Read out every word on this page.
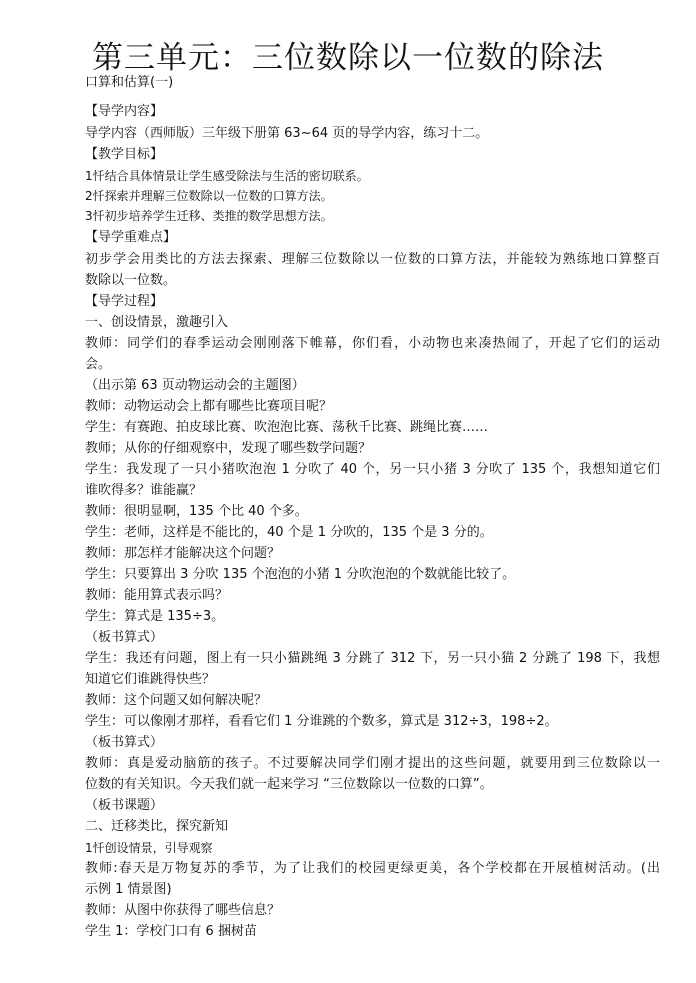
第三单元：三位数除以一位数的除法
口算和估算(一)
【导学内容】
导学内容（西师版）三年级下册第 63~64 页的导学内容，练习十二。
【教学目标】
1忏结合具体情景让学生感受除法与生活的密切联系。
2忏探索并理解三位数除以一位数的口算方法。
3忏初步培养学生迁移、类推的数学思想方法。
【导学重难点】
初步学会用类比的方法去探索、理解三位数除以一位数的口算方法，并能较为熟练地口算整百
数除以一位数。
【导学过程】
一、创设情景，激趣引入
教师：同学们的春季运动会刚刚落下帷幕，你们看，小动物也来凑热闹了，开起了它们的运动
会。
（出示第 63 页动物运动会的主题图）
教师：动物运动会上都有哪些比赛项目呢？
学生：有赛跑、拍皮球比赛、吹泡泡比赛、荡秋千比赛、跳绳比赛……
教师；从你的仔细观察中，发现了哪些数学问题？
学生：我发现了一只小猪吹泡泡 1 分吹了 40 个，另一只小猪 3 分吹了 135 个，我想知道它们
谁吹得多？谁能赢？
教师：很明显啊，135 个比 40 个多。
学生：老师，这样是不能比的，40 个是 1 分吹的，135 个是 3 分的。
教师：那怎样才能解决这个问题？
学生：只要算出 3 分吹 135 个泡泡的小猪 1 分吹泡泡的个数就能比较了。
教师：能用算式表示吗？
学生：算式是 135÷3。
（板书算式）
学生：我还有问题，图上有一只小猫跳绳 3 分跳了 312 下，另一只小猫 2 分跳了 198 下，我想
知道它们谁跳得快些？
教师：这个问题又如何解决呢？
学生：可以像刚才那样，看看它们 1 分谁跳的个数多，算式是 312÷3，198÷2。
（板书算式）
教师：真是爱动脑筋的孩子。不过要解决同学们刚才提出的这些问题，就要用到三位数除以一
位数的有关知识。今天我们就一起来学习 “三位数除以一位数的口算”。
（板书课题）
二、迁移类比，探究新知
1忏创设情景，引导观察
教师:春天是万物复苏的季节，为了让我们的校园更绿更美，各个学校都在开展植树活动。(出
示例 1 情景图)
教师：从图中你获得了哪些信息？
学生 1：学校门口有 6 捆树苗
